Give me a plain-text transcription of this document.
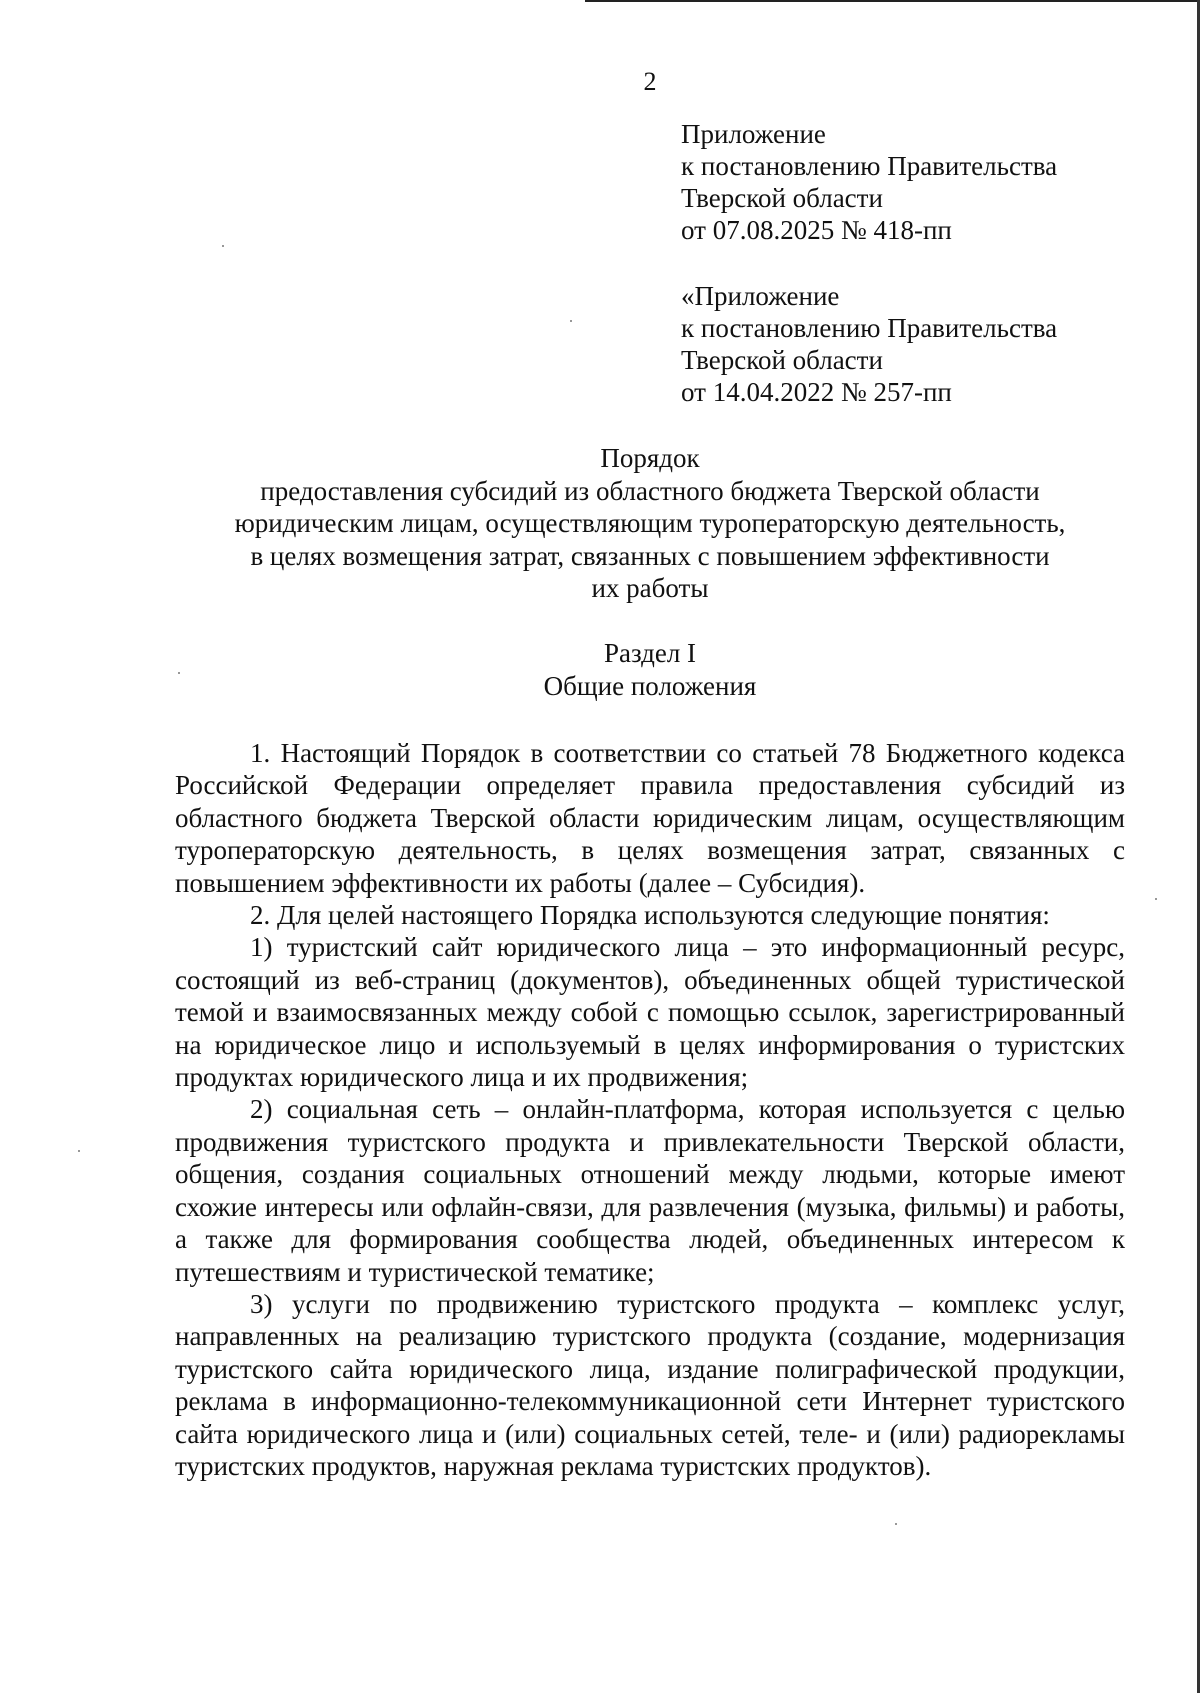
2
Приложение
к постановлению Правительства
Тверской области
от 07.08.2025 № 418-пп
«Приложение
к постановлению Правительства
Тверской области
от 14.04.2022 № 257-пп
Порядок
предоставления субсидий из областного бюджета Тверской области
юридическим лицам, осуществляющим туроператорскую деятельность,
в целях возмещения затрат, связанных с повышением эффективности
их работы
Раздел I
Общие положения

1. Настоящий Порядок в соответствии со статьей 78 Бюджетного кодекса Российской Федерации определяет правила предоставления субсидий из областного бюджета Тверской области юридическим лицам, осуществляющим туроператорскую деятельность, в целях возмещения затрат, связанных с повышением эффективности их работы (далее – Субсидия).

2. Для целей настоящего Порядка используются следующие понятия:

1) туристский сайт юридического лица – это информационный ресурс, состоящий из веб-страниц (документов), объединенных общей туристической темой и взаимосвязанных между собой с помощью ссылок, зарегистрированный на юридическое лицо и используемый в целях информирования о туристских продуктах юридического лица и их продвижения;

2) социальная сеть – онлайн-платформа, которая используется с целью продвижения туристского продукта и привлекательности Тверской области, общения, создания социальных отношений между людьми, которые имеют схожие интересы или офлайн-связи, для развлечения (музыка, фильмы) и работы, а также для формирования сообщества людей, объединенных интересом к путешествиям и туристической тематике;

3) услуги по продвижению туристского продукта – комплекс услуг, направленных на реализацию туристского продукта (создание, модернизация туристского сайта юридического лица, издание полиграфической продукции, реклама в информационно-телекоммуникационной сети Интернет туристского сайта юридического лица и (или) социальных сетей, теле- и (или) радиорекламы туристских продуктов, наружная реклама туристских продуктов).
